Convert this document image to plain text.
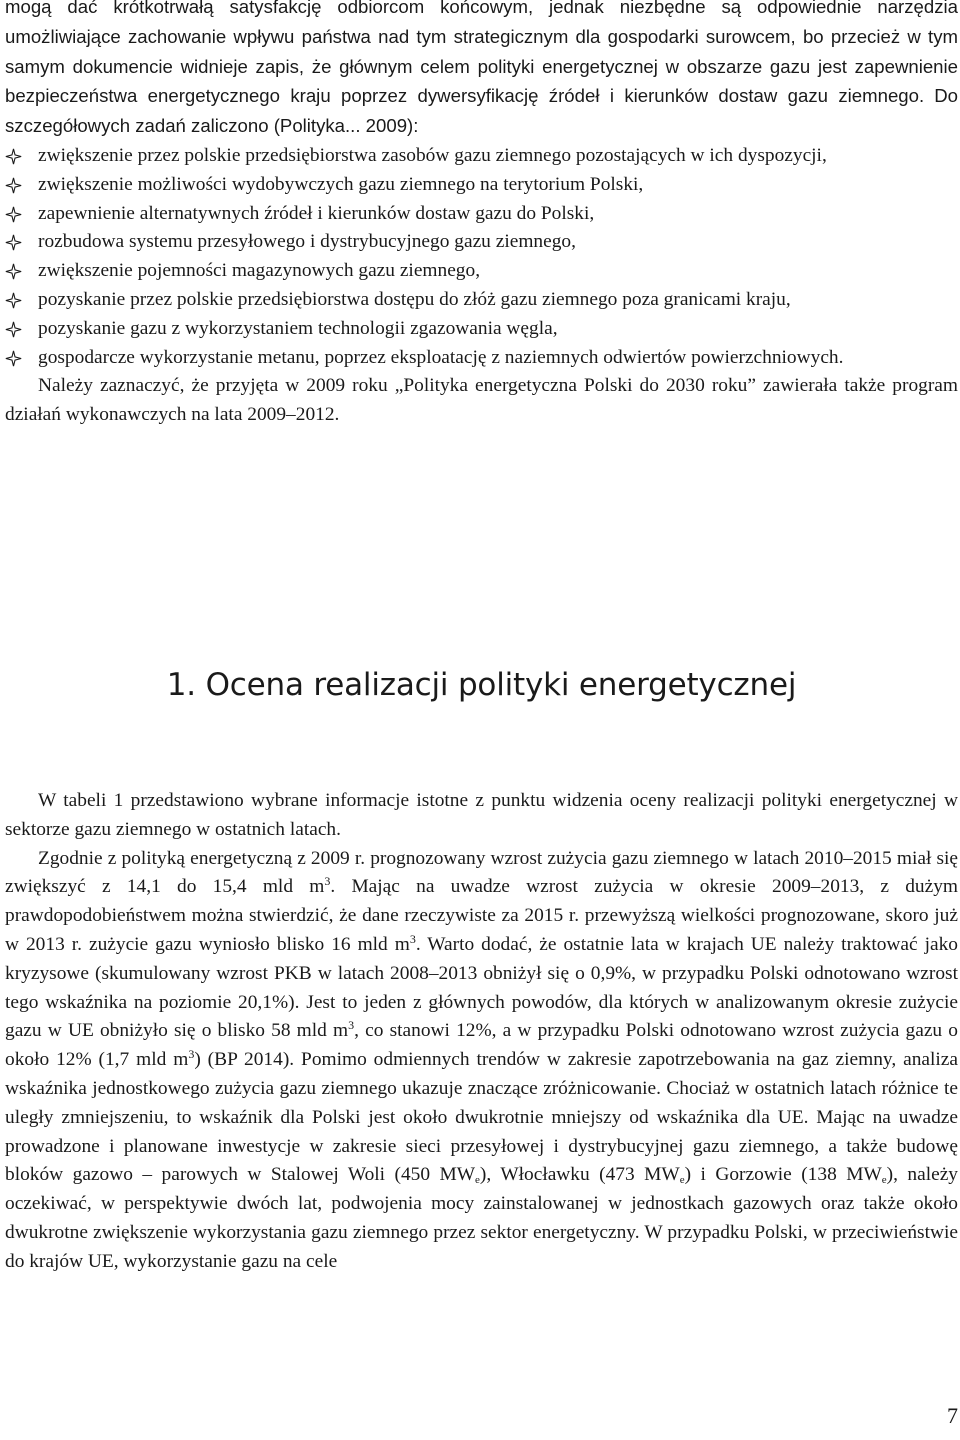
mogą dać krótkotrwałą satysfakcję odbiorcom końcowym, jednak niezbędne są odpowiednie narzędzia umożliwiające zachowanie wpływu państwa nad tym strategicznym dla gospodarki surowcem, bo przecież w tym samym dokumencie widnieje zapis, że głównym celem polityki energetycznej w obszarze gazu jest zapewnienie bezpieczeństwa energetycznego kraju poprzez dywersyfikację źródeł i kierunków dostaw gazu ziemnego. Do szczegółowych zadań zaliczono (Polityka... 2009):

zwiększenie przez polskie przedsiębiorstwa zasobów gazu ziemnego pozostających w ich dyspozycji,
zwiększenie możliwości wydobywczych gazu ziemnego na terytorium Polski,
zapewnienie alternatywnych źródeł i kierunków dostaw gazu do Polski,
rozbudowa systemu przesyłowego i dystrybucyjnego gazu ziemnego,
zwiększenie pojemności magazynowych gazu ziemnego,
pozyskanie przez polskie przedsiębiorstwa dostępu do złóż gazu ziemnego poza granicami kraju,
pozyskanie gazu z wykorzystaniem technologii zgazowania węgla,
gospodarcze wykorzystanie metanu, poprzez eksploatację z naziemnych odwiertów powierzchniowych.

Należy zaznaczyć, że przyjęta w 2009 roku „Polityka energetyczna Polski do 2030 roku” zawierała także program działań wykonawczych na lata 2009–2012.

1. Ocena realizacji polityki energetycznej

W tabeli 1 przedstawiono wybrane informacje istotne z punktu widzenia oceny realizacji polityki energetycznej w sektorze gazu ziemnego w ostatnich latach.

Zgodnie z polityką energetyczną z 2009 r. prognozowany wzrost zużycia gazu ziemnego w latach 2010–2015 miał się zwiększyć z 14,1 do 15,4 mld $m^3$. Mając na uwadze wzrost zużycia w okresie 2009–2013, z dużym prawdopodobieństwem można stwierdzić, że dane rzeczywiste za 2015 r. przewyższą wielkości prognozowane, skoro już w 2013 r. zużycie gazu wyniosło blisko 16 mld $m^3$. Warto dodać, że ostatnie lata w krajach UE należy traktować jako kryzysowe (skumulowany wzrost PKB w latach 2008–2013 obniżył się o 0,9%, w przypadku Polski odnotowano wzrost tego wskaźnika na poziomie 20,1%). Jest to jeden z głównych powodów, dla których w analizowanym okresie zużycie gazu w UE obniżyło się o blisko 58 mld $m^3$, co stanowi 12%, a w przypadku Polski odnotowano wzrost zużycia gazu o około 12% (1,7 mld $m^3$) (BP 2014). Pomimo odmiennych trendów w zakresie zapotrzebowania na gaz ziemny, analiza wskaźnika jednostkowego zużycia gazu ziemnego ukazuje znaczące zróżnicowanie. Chociaż w ostatnich latach różnice te uległy zmniejszeniu, to wskaźnik dla Polski jest około dwukrotnie mniejszy od wskaźnika dla UE. Mając na uwadze prowadzone i planowane inwestycje w zakresie sieci przesyłowej i dystrybucyjnej gazu ziemnego, a także budowę bloków gazowo – parowych w Stalowej Woli (450 $MW_e$), Włocławku (473 $MW_e$) i Gorzowie (138 $MW_e$), należy oczekiwać, w perspektywie dwóch lat, podwojenia mocy zainstalowanej w jednostkach gazowych oraz także około dwukrotne zwiększenie wykorzystania gazu ziemnego przez sektor energetyczny. W przypadku Polski, w przeciwieństwie do krajów UE, wykorzystanie gazu na cele

7
